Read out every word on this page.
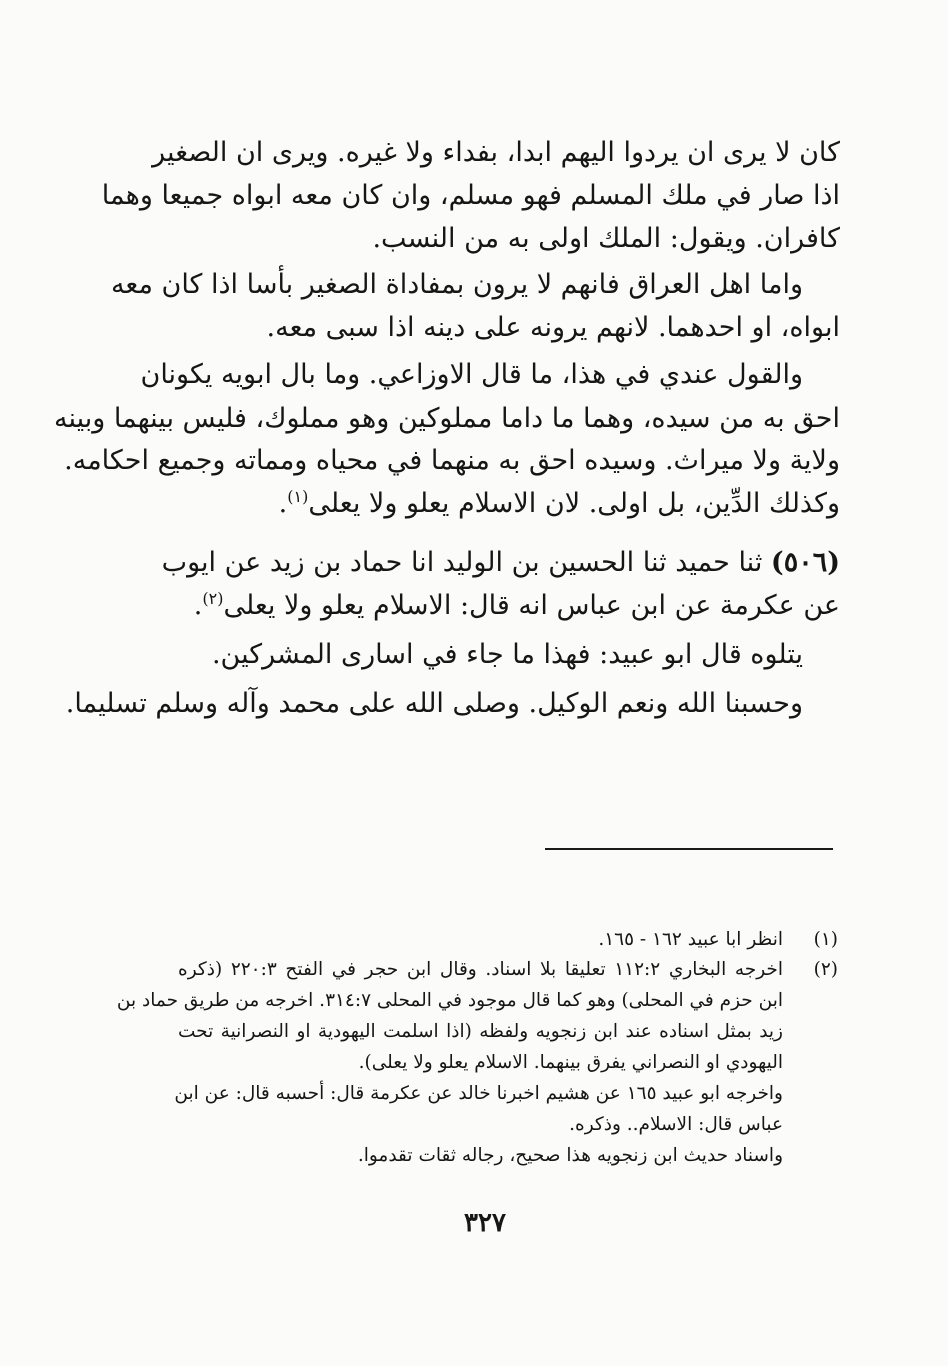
كان لا يرى ان يردوا اليهم ابدا، بفداء ولا غيره. ويرى ان الصغير
اذا صار في ملك المسلم فهو مسلم، وان كان معه ابواه جميعا وهما
كافران. ويقول: الملك اولى به من النسب.
واما اهل العراق فانهم لا يرون بمفاداة الصغير بأسا اذا كان معه
ابواه، او احدهما. لانهم يرونه على دينه اذا سبى معه.
والقول عندي في هذا، ما قال الاوزاعي. وما بال ابويه يكونان
احق به من سيده، وهما ما داما مملوكين وهو مملوك، فليس بينهما وبينه
ولاية ولا ميراث. وسيده احق به منهما في محياه ومماته وجميع احكامه.
وكذلك الدِّين، بل اولى. لان الاسلام يعلو ولا يعلى$^{(١)}$.
(٥٠٦) ثنا حميد ثنا الحسين بن الوليد انا حماد بن زيد عن ايوب
عن عكرمة عن ابن عباس انه قال: الاسلام يعلو ولا يعلى$^{(٢)}$.
يتلوه قال ابو عبيد: فهذا ما جاء في اسارى المشركين.
وحسبنا الله ونعم الوكيل. وصلى الله على محمد وآله وسلم تسليما.
(١)
انظر ابا عبيد ١٦٢ - ١٦٥.
(٢)
اخرجه البخاري ١١٢:٢ تعليقا بلا اسناد. وقال ابن حجر في الفتح ٢٢٠:٣ (ذكره
ابن حزم في المحلى) وهو كما قال موجود في المحلى ٣١٤:٧. اخرجه من طريق حماد بن
زيد بمثل اسناده عند ابن زنجويه ولفظه (اذا اسلمت اليهودية او النصرانية تحت
اليهودي او النصراني يفرق بينهما. الاسلام يعلو ولا يعلى).
واخرجه ابو عبيد ١٦٥ عن هشيم اخبرنا خالد عن عكرمة قال: أحسبه قال: عن ابن
عباس قال: الاسلام.. وذكره.
واسناد حديث ابن زنجويه هذا صحيح، رجاله ثقات تقدموا.
٣٢٧
